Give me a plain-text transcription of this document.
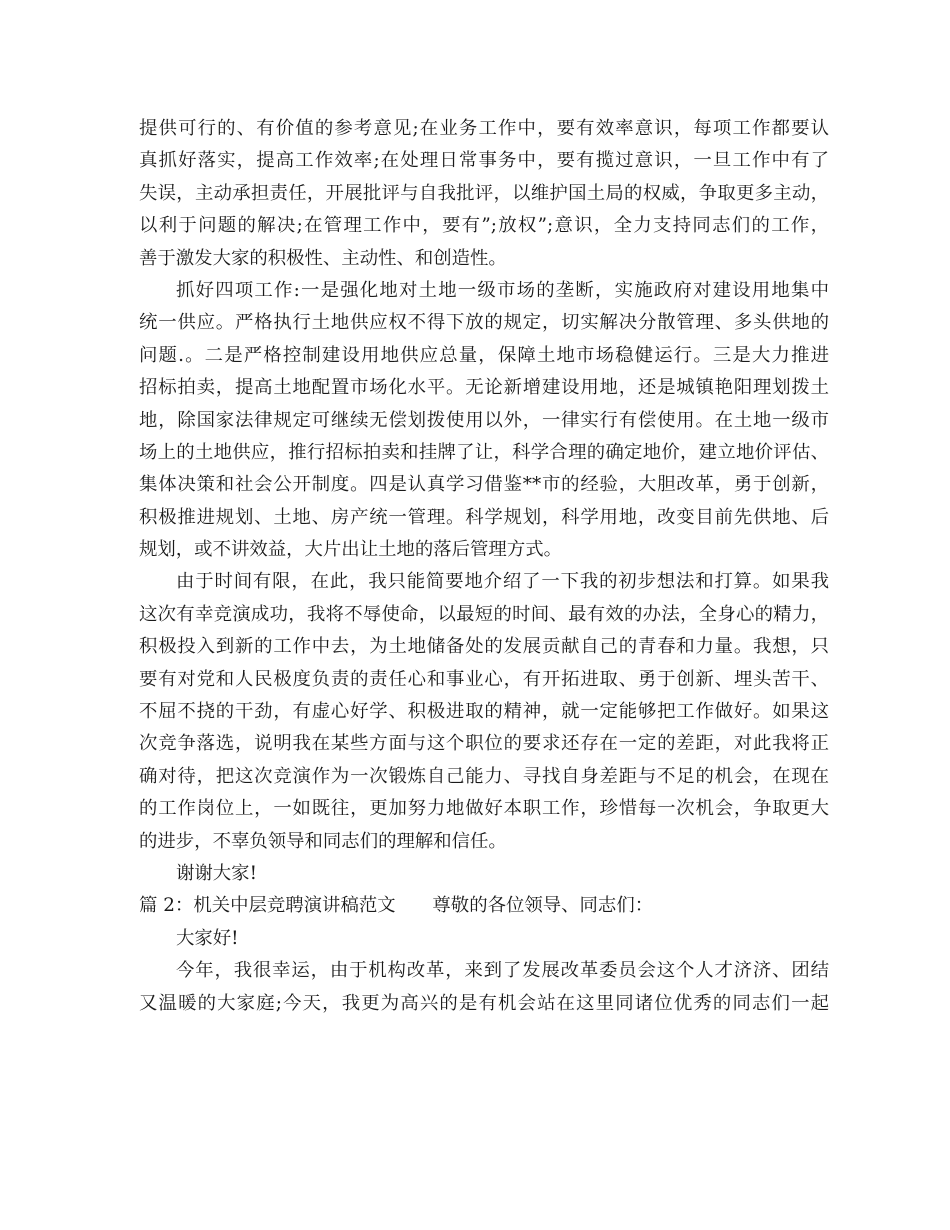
提供可行的、有价值的参考意见;在业务工作中，要有效率意识，每项工作都要认
真抓好落实，提高工作效率;在处理日常事务中，要有揽过意识，一旦工作中有了
失误，主动承担责任，开展批评与自我批评，以维护国土局的权威，争取更多主动，
以利于问题的解决;在管理工作中，要有”;放权”;意识，全力支持同志们的工作，
善于激发大家的积极性、主动性、和创造性。
抓好四项工作:一是强化地对土地一级市场的垄断，实施政府对建设用地集中
统一供应。严格执行土地供应权不得下放的规定，切实解决分散管理、多头供地的
问题.。二是严格控制建设用地供应总量，保障土地市场稳健运行。三是大力推进
招标拍卖，提高土地配置市场化水平。无论新增建设用地，还是城镇艳阳理划拨土
地，除国家法律规定可继续无偿划拨使用以外，一律实行有偿使用。在土地一级市
场上的土地供应，推行招标拍卖和挂牌了让，科学合理的确定地价，建立地价评估、
集体决策和社会公开制度。四是认真学习借鉴**市的经验，大胆改革，勇于创新，
积极推进规划、土地、房产统一管理。科学规划，科学用地，改变目前先供地、后
规划，或不讲效益，大片出让土地的落后管理方式。
由于时间有限，在此，我只能简要地介绍了一下我的初步想法和打算。如果我
这次有幸竞演成功，我将不辱使命，以最短的时间、最有效的办法，全身心的精力，
积极投入到新的工作中去，为土地储备处的发展贡献自己的青春和力量。我想，只
要有对党和人民极度负责的责任心和事业心，有开拓进取、勇于创新、埋头苦干、
不屈不挠的干劲，有虚心好学、积极进取的精神，就一定能够把工作做好。如果这
次竞争落选，说明我在某些方面与这个职位的要求还存在一定的差距，对此我将正
确对待，把这次竞演作为一次锻炼自己能力、寻找自身差距与不足的机会，在现在
的工作岗位上，一如既往，更加努力地做好本职工作，珍惜每一次机会，争取更大
的进步，不辜负领导和同志们的理解和信任。
谢谢大家!
篇 2：机关中层竞聘演讲稿范文　　尊敬的各位领导、同志们：
大家好!
今年，我很幸运，由于机构改革，来到了发展改革委员会这个人才济济、团结
又温暖的大家庭;今天，我更为高兴的是有机会站在这里同诸位优秀的同志们一起
